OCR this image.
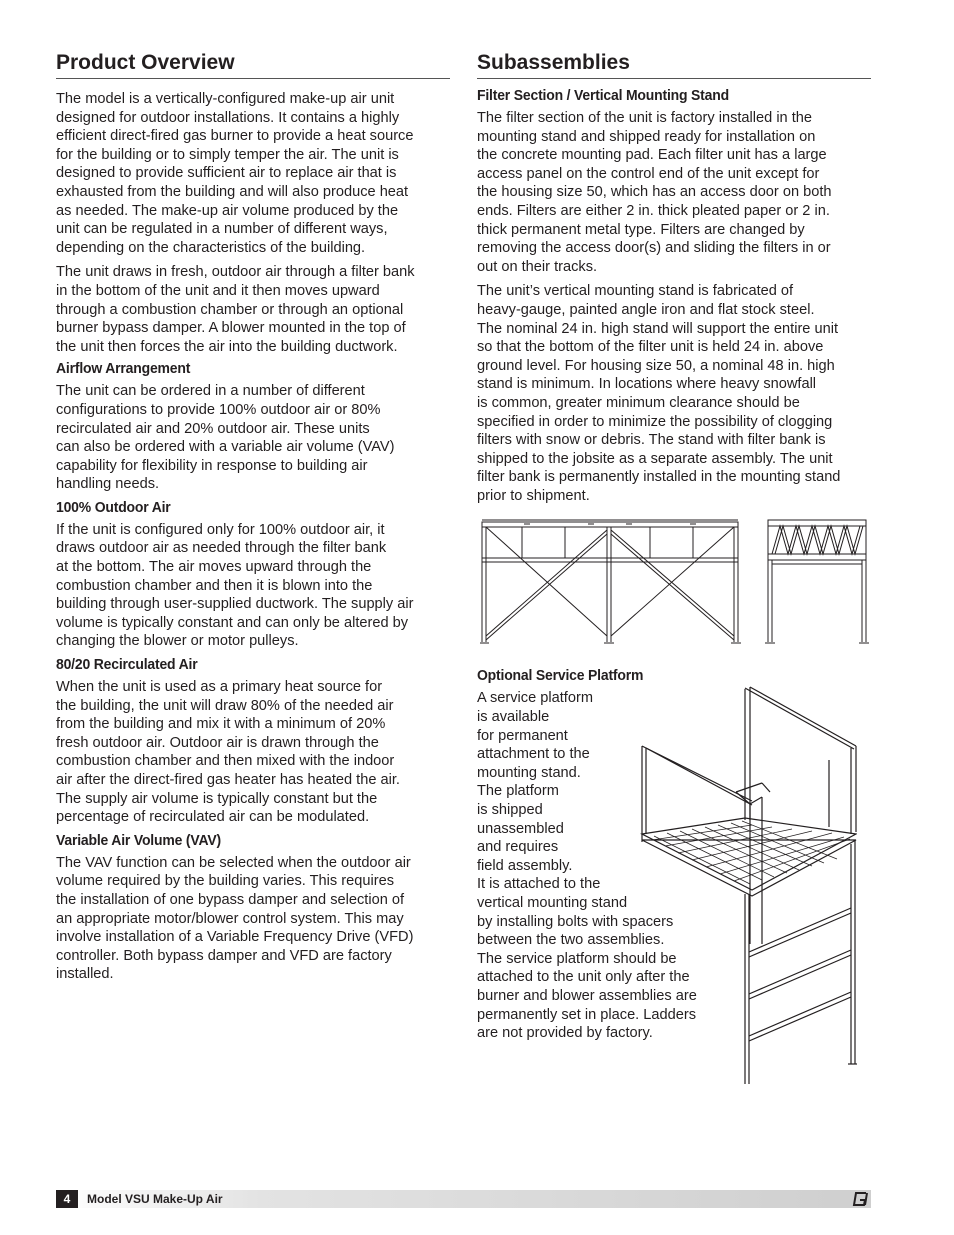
Product Overview

The model is a vertically-configured make-up air unit
designed for outdoor installations. It contains a highly
efficient direct-fired gas burner to provide a heat source
for the building or to simply temper the air. The unit is
designed to provide sufficient air to replace air that is
exhausted from the building and will also produce heat
as needed. The make-up air volume produced by the
unit can be regulated in a number of different ways,
depending on the characteristics of the building.

The unit draws in fresh, outdoor air through a filter bank
in the bottom of the unit and it then moves upward
through a combustion chamber or through an optional
burner bypass damper. A blower mounted in the top of
the unit then forces the air into the building ductwork.

Airflow Arrangement

The unit can be ordered in a number of different
configurations to provide 100% outdoor air or 80%
recirculated air and 20% outdoor air. These units
can also be ordered with a variable air volume (VAV)
capability for flexibility in response to building air
handling needs.

100% Outdoor Air

If the unit is configured only for 100% outdoor air, it
draws outdoor air as needed through the filter bank
at the bottom. The air moves upward through the
combustion chamber and then it is blown into the
building through user-supplied ductwork. The supply air
volume is typically constant and can only be altered by
changing the blower or motor pulleys.

80/20 Recirculated Air

When the unit is used as a primary heat source for
the building, the unit will draw 80% of the needed air
from the building and mix it with a minimum of 20%
fresh outdoor air. Outdoor air is drawn through the
combustion chamber and then mixed with the indoor
air after the direct-fired gas heater has heated the air.
The supply air volume is typically constant but the
percentage of recirculated air can be modulated.

Variable Air Volume (VAV)

The VAV function can be selected when the outdoor air
volume required by the building varies. This requires
the installation of one bypass damper and selection of
an appropriate motor/blower control system. This may
involve installation of a Variable Frequency Drive (VFD)
controller. Both bypass damper and VFD are factory
installed.

Subassemblies
Filter Section / Vertical Mounting Stand

The filter section of the unit is factory installed in the
mounting stand and shipped ready for installation on
the concrete mounting pad. Each filter unit has a large
access panel on the control end of the unit except for
the housing size 50, which has an access door on both
ends. Filters are either 2 in. thick pleated paper or 2 in.
thick permanent metal type. Filters are changed by
removing the access door(s) and sliding the filters in or
out on their tracks.

The unit’s vertical mounting stand is fabricated of
heavy-gauge, painted angle iron and flat stock steel.
The nominal 24 in. high stand will support the entire unit
so that the bottom of the filter unit is held 24 in. above
ground level. For housing size 50, a nominal 48 in. high
stand is minimum. In locations where heavy snowfall
is common, greater minimum clearance should be
specified in order to minimize the possibility of clogging
filters with snow or debris. The stand with filter bank is
shipped to the jobsite as a separate assembly. The unit
filter bank is permanently installed in the mounting stand
prior to shipment.

Optional Service Platform

A service platform
is available
for permanent
attachment to the
mounting stand.
The platform
is shipped
unassembled
and requires
field assembly.
It is attached to the
vertical mounting stand
by installing bolts with spacers
between the two assemblies.
The service platform should be
attached to the unit only after the
burner and blower assemblies are
permanently set in place. Ladders
are not provided by factory.

4	Model VSU Make-Up Air
